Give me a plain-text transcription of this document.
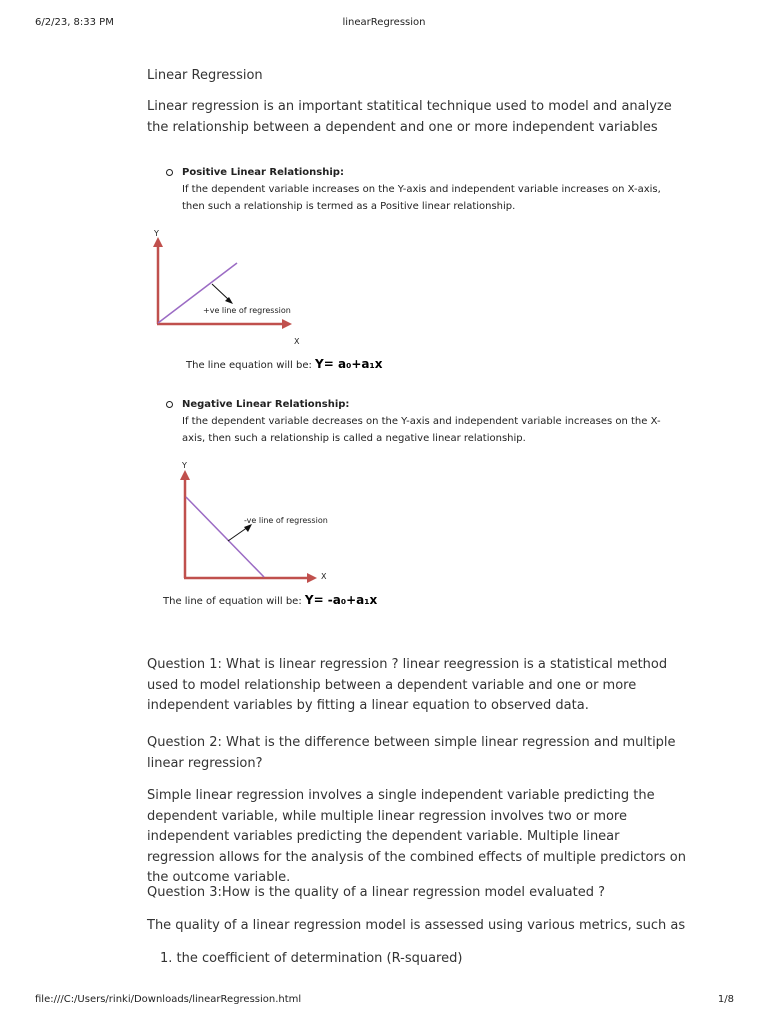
6/2/23, 8:33 PM	linearRegression

Linear Regression

Linear regression is an important statitical technique used to model and analyze the relationship between a dependent and one or more independent variables

Positive Linear Relationship:
If the dependent variable increases on the Y-axis and independent variable increases on X-axis, then such a relationship is termed as a Positive linear relationship.
Y
X
+ve line of regression
The line equation will be: Y= a₀+a₁x
Negative Linear Relationship:
If the dependent variable decreases on the Y-axis and independent variable increases on the X-axis, then such a relationship is called a negative linear relationship.
Y
X
-ve line of regression
The line of equation will be: Y= -a₀+a₁x

Question 1: What is linear regression ? linear reegression is a statistical method used to model relationship between a dependent variable and one or more independent variables by fitting a linear equation to observed data.

Question 2: What is the difference between simple linear regression and multiple linear regression?

Simple linear regression involves a single independent variable predicting the dependent variable, while multiple linear regression involves two or more independent variables predicting the dependent variable. Multiple linear regression allows for the analysis of the combined effects of multiple predictors on the outcome variable.

Question 3:How is the quality of a linear regression model evaluated ?

The quality of a linear regression model is assessed using various metrics, such as

1. the coefficient of determination (R-squared)
file:///C:/Users/rinki/Downloads/linearRegression.html	1/8
